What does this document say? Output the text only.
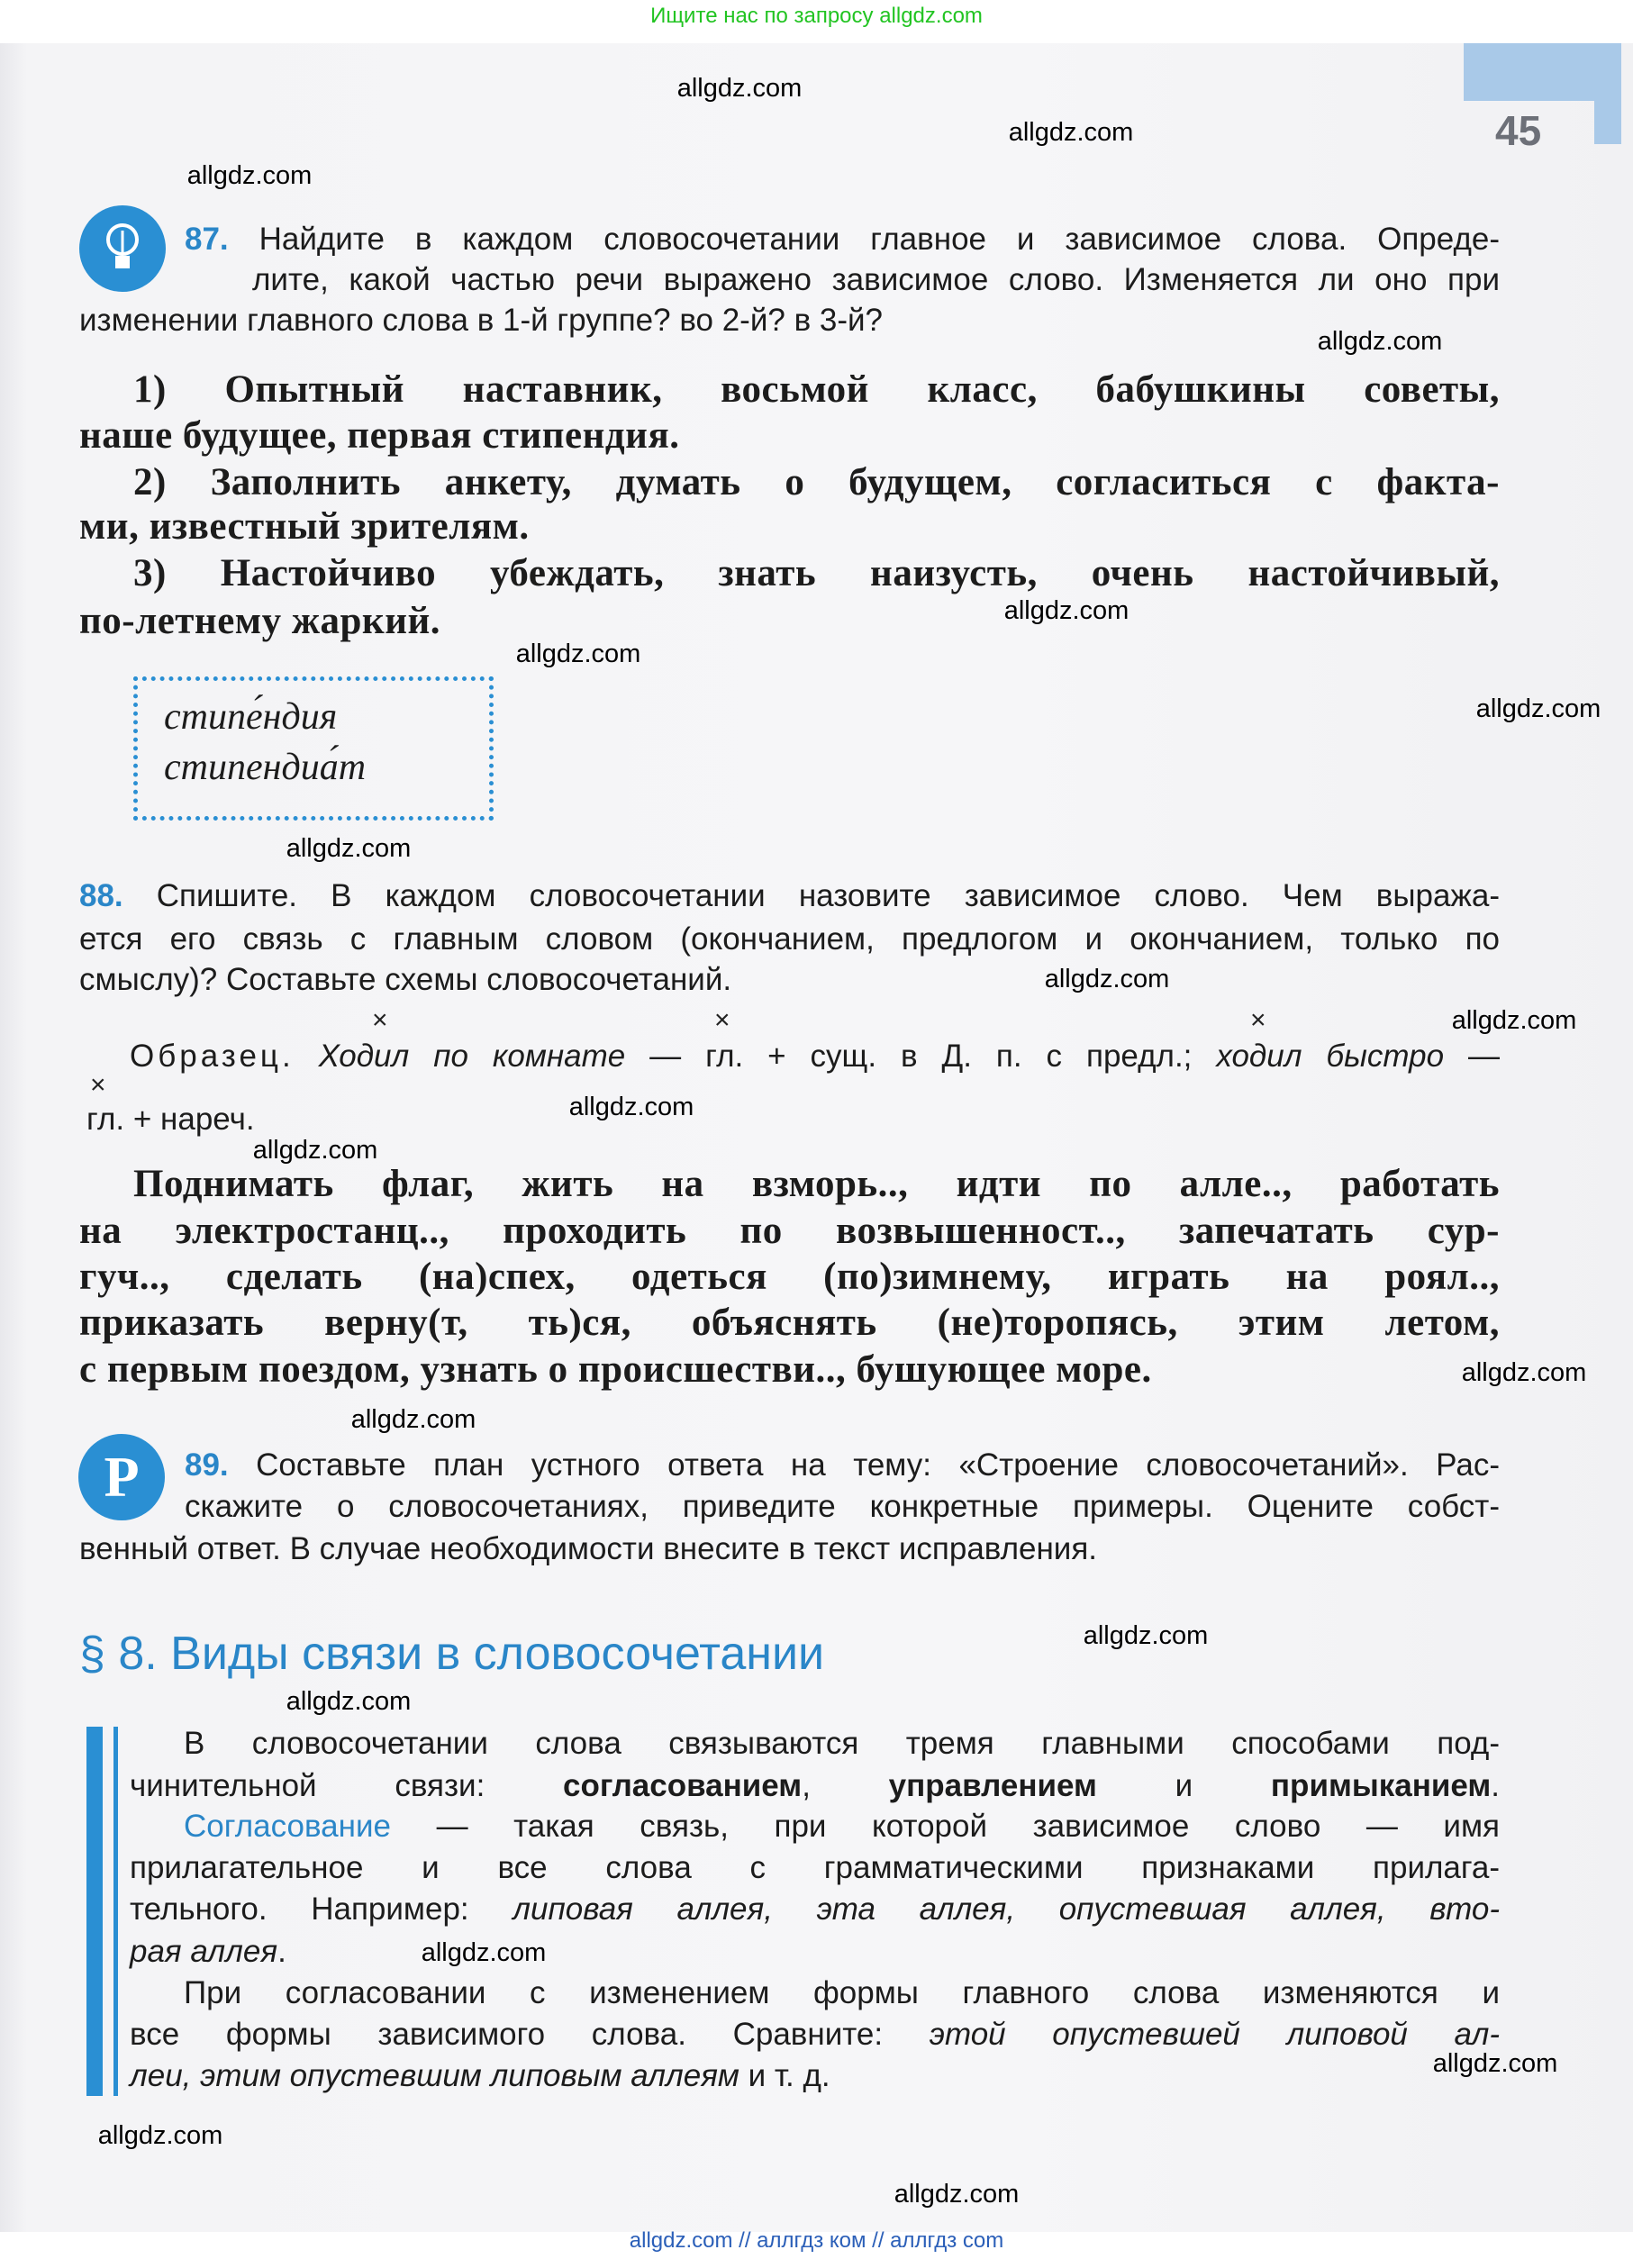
Ищите нас по запросу allgdz.com
45
87. Найдите в каждом словосочетании главное и зависимое слова. Опреде-
лите, какой частью речи выражено зависимое слово. Изменяется ли оно при
изменении главного слова в 1-й группе? во 2-й? в 3-й?
1) Опытный наставник, восьмой класс, бабушкины советы,
наше будущее, первая стипендия.
2) Заполнить анкету, думать о будущем, согласиться с факта-
ми, известный зрителям.
3) Настойчиво убеждать, знать наизусть, очень настойчивый,
по-летнему жаркий.
стипе́ндия
стипендиа́т
88. Спишите. В каждом словосочетании назовите зависимое слово. Чем выража-
ется его связь с главным словом (окончанием, предлогом и окончанием, только по
смыслу)? Составьте схемы словосочетаний.
×	×	×
Образец. Ходил по комнате — гл. + сущ. в Д. п. с предл.; ходил быстро —
×
гл. + нареч.
Поднимать флаг, жить на взморь.., идти по алле.., работать
на электростанц.., проходить по возвышенност.., запечатать сур-
гуч.., сделать (на)спех, одеться (по)зимнему, играть на роял..,
приказать верну(т, ть)ся, объяснять (не)торопясь, этим летом,
с первым поездом, узнать о происшестви.., бушующее море.
P	89. Составьте план устного ответа на тему: «Строение словосочетаний». Рас-
скажите о словосочетаниях, приведите конкретные примеры. Оцените собст-
венный ответ. В случае необходимости внесите в текст исправления.
§ 8. Виды связи в словосочетании
В словосочетании слова связываются тремя главными способами под-
чинительной связи: согласованием, управлением и примыканием.
Согласование — такая связь, при которой зависимое слово — имя
прилагательное и все слова с грамматическими признаками прилага-
тельного. Например: липовая аллея, эта аллея, опустевшая аллея, вто-
рая аллея.
При согласовании с изменением формы главного слова изменяются и
все формы зависимого слова. Сравните: этой опустевшей липовой ал-
леи, этим опустевшим липовым аллеям и т. д.
allgdz.com
allgdz.com
allgdz.com
allgdz.com
allgdz.com
allgdz.com
allgdz.com
allgdz.com
allgdz.com
allgdz.com
allgdz.com
allgdz.com
allgdz.com
allgdz.com
allgdz.com
allgdz.com
allgdz.com
allgdz.com
allgdz.com
allgdz.com
allgdz.com // аллгдз ком // аллгдз com
